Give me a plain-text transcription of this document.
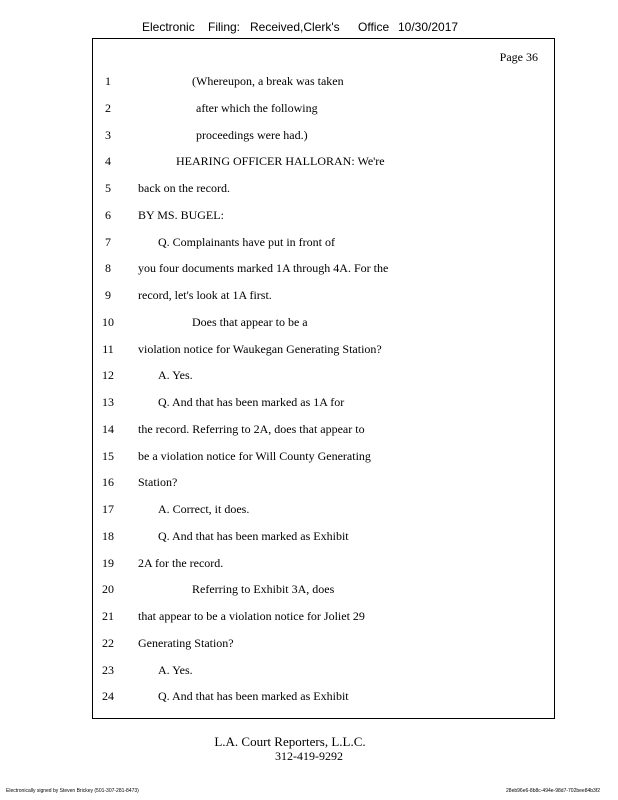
Electronic Filing: Received,Clerk's Office 10/30/2017
Page 36
1	(Whereupon, a break was taken
2	after which the following
3	proceedings were had.)
4	HEARING OFFICER HALLORAN: We're
5	back on the record.
6	BY MS. BUGEL:
7	Q. Complainants have put in front of
8	you four documents marked 1A through 4A. For the
9	record, let's look at 1A first.
10	Does that appear to be a
11	violation notice for Waukegan Generating Station?
12	A. Yes.
13	Q. And that has been marked as 1A for
14	the record. Referring to 2A, does that appear to
15	be a violation notice for Will County Generating
16	Station?
17	A. Correct, it does.
18	Q. And that has been marked as Exhibit
19	2A for the record.
20	Referring to Exhibit 3A, does
21	that appear to be a violation notice for Joliet 29
22	Generating Station?
23	A. Yes.
24	Q. And that has been marked as Exhibit
L.A. Court Reporters, L.L.C.
312-419-9292
Electronically signed by Steven Brickey (501-307-281-8473)	28eb96e6-8b8c-494e-98d7-702bee84b3f2
